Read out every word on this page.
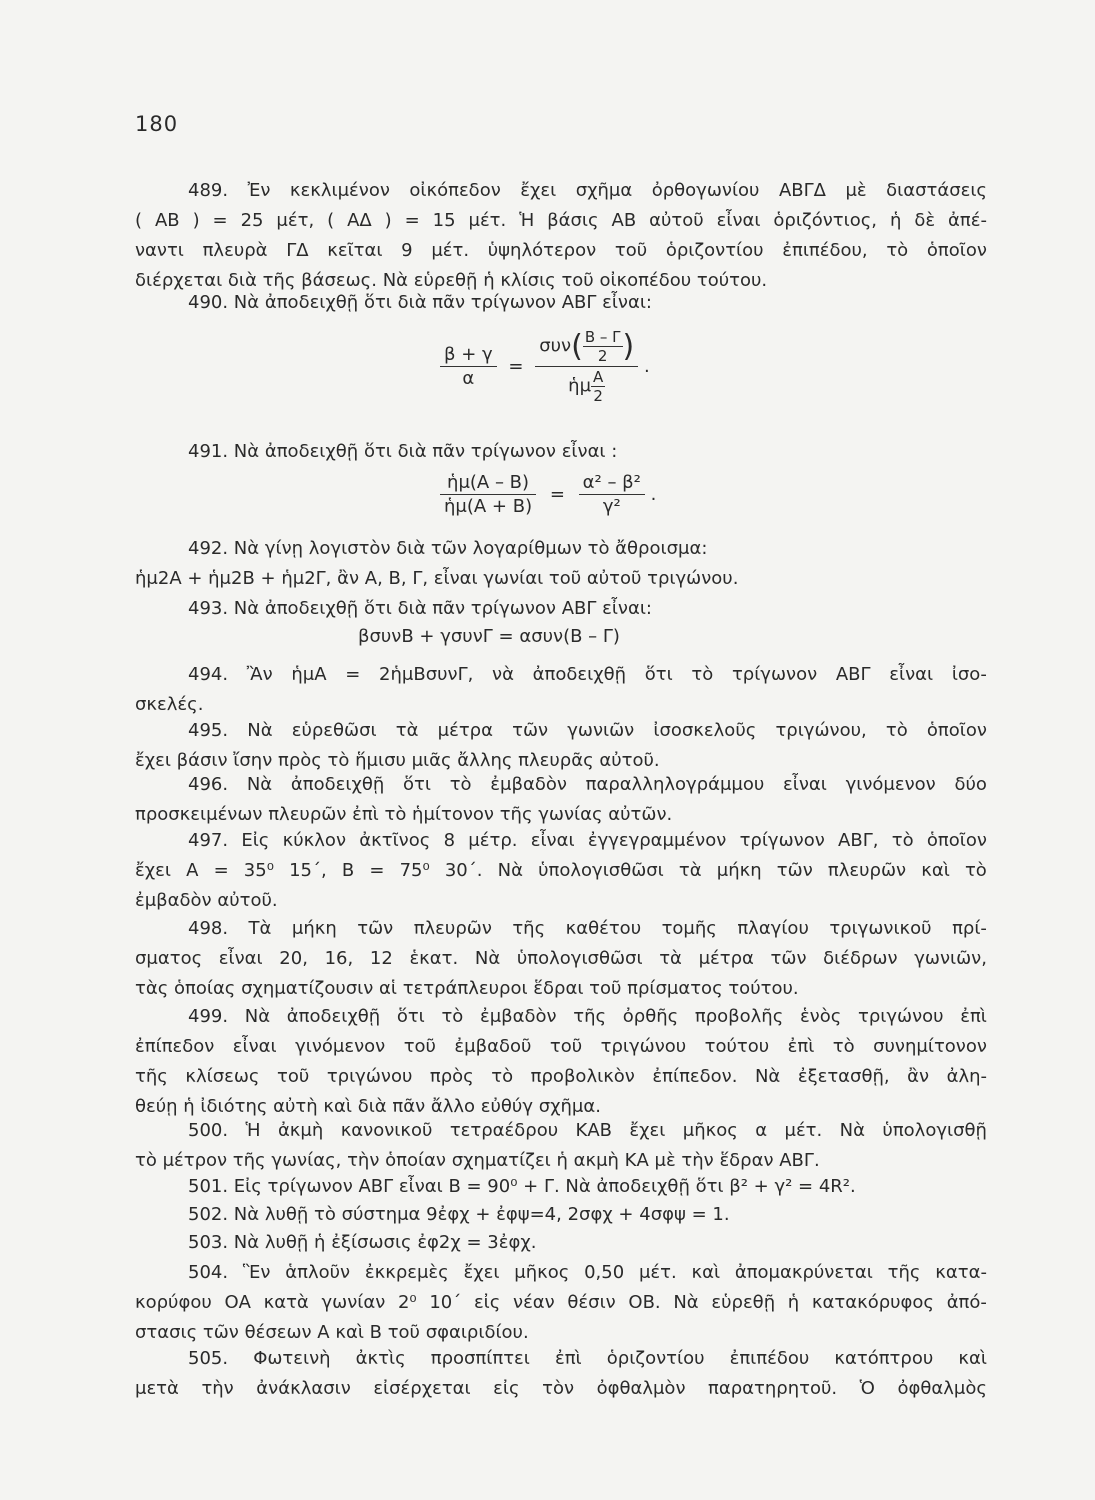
180
489. Ἐν κεκλιμένον οἰκόπεδον ἔχει σχῆμα ὀρθογωνίου ΑΒΓΔ μὲ διαστάσεις
( ΑΒ ) = 25 μέτ, ( ΑΔ ) = 15 μέτ. Ἡ βάσις ΑΒ αὐτοῦ εἶναι ὁριζόντιος, ἡ δὲ ἀπέ-
ναντι πλευρὰ ΓΔ κεῖται 9 μέτ. ὑψηλότερον τοῦ ὁριζοντίου ἐπιπέδου, τὸ ὁποῖον
διέρχεται διὰ τῆς βάσεως. Νὰ εὑρεθῇ ἡ κλίσις τοῦ οἰκοπέδου τούτου.
490. Νὰ ἀποδειχθῇ ὅτι διὰ πᾶν τρίγωνον ΑΒΓ εἶναι:
$\frac{\beta + \gamma}{\alpha} = \frac{\sigma\upsilon\nu( \frac{B - \Gamma}{2} )}{ἡ\mu \frac{A}{2}}$ .
491. Νὰ ἀποδειχθῇ ὅτι διὰ πᾶν τρίγωνον εἶναι :
$\frac{\text{ἡμ(Α – Β)}}{\text{ἡμ(Α + Β)}} = \frac{\text{α² – β²}}{\text{γ²}}$ .
492. Νὰ γίνῃ λογιστὸν διὰ τῶν λογαρίθμων τὸ ἄθροισμα:
ἡμ2Α + ἡμ2Β + ἡμ2Γ, ἂν Α, Β, Γ, εἶναι γωνίαι τοῦ αὐτοῦ τριγώνου.
493. Νὰ ἀποδειχθῇ ὅτι διὰ πᾶν τρίγωνον ΑΒΓ εἶναι:
βσυνΒ + γσυνΓ = ασυν(Β – Γ)
494. Ἂν ἡμΑ = 2ἡμΒσυνΓ, νὰ ἀποδειχθῇ ὅτι τὸ τρίγωνον ΑΒΓ εἶναι ἰσο-
σκελές.
495. Νὰ εὑρεθῶσι τὰ μέτρα τῶν γωνιῶν ἰσοσκελοῦς τριγώνου, τὸ ὁποῖον
ἔχει βάσιν ἴσην πρὸς τὸ ἥμισυ μιᾶς ἄλλης πλευρᾶς αὐτοῦ.
496. Νὰ ἀποδειχθῇ ὅτι τὸ ἐμβαδὸν παραλληλογράμμου εἶναι γινόμενον δύο
προσκειμένων πλευρῶν ἐπὶ τὸ ἡμίτονον τῆς γωνίας αὐτῶν.
497. Εἰς κύκλον ἀκτῖνος 8 μέτρ. εἶναι ἐγγεγραμμένον τρίγωνον ΑΒΓ, τὸ ὁποῖον
ἔχει Α = 35⁰ 15΄, Β = 75⁰ 30΄. Νὰ ὑπολογισθῶσι τὰ μήκη τῶν πλευρῶν καὶ τὸ
ἐμβαδὸν αὐτοῦ.
498. Τὰ μήκη τῶν πλευρῶν τῆς καθέτου τομῆς πλαγίου τριγωνικοῦ πρί-
σματος εἶναι 20, 16, 12 ἑκατ. Νὰ ὑπολογισθῶσι τὰ μέτρα τῶν διέδρων γωνιῶν,
τὰς ὁποίας σχηματίζουσιν αἱ τετράπλευροι ἕδραι τοῦ πρίσματος τούτου.
499. Νὰ ἀποδειχθῇ ὅτι τὸ ἐμβαδὸν τῆς ὀρθῆς προβολῆς ἑνὸς τριγώνου ἐπὶ
ἐπίπεδον εἶναι γινόμενον τοῦ ἐμβαδοῦ τοῦ τριγώνου τούτου ἐπὶ τὸ συνημίτονον
τῆς κλίσεως τοῦ τριγώνου πρὸς τὸ προβολικὸν ἐπίπεδον. Νὰ ἐξετασθῇ, ἂν ἀλη-
θεύῃ ἡ ἰδιότης αὐτὴ καὶ διὰ πᾶν ἄλλο εὐθύγ σχῆμα.
500. Ἡ ἀκμὴ κανονικοῦ τετραέδρου ΚΑΒ ἔχει μῆκος α μέτ. Νὰ ὑπολογισθῇ
τὸ μέτρον τῆς γωνίας, τὴν ὁποίαν σχηματίζει ἡ ακμὴ ΚΑ μὲ τὴν ἕδραν ΑΒΓ.
501. Εἰς τρίγωνον ΑΒΓ εἶναι Β = 90⁰ + Γ. Νὰ ἀποδειχθῇ ὅτι β² + γ² = 4R².
502. Νὰ λυθῇ τὸ σύστημα 9ἐφχ + ἐφψ=4, 2σφχ + 4σφψ = 1.
503. Νὰ λυθῇ ἡ ἐξίσωσις ἐφ2χ = 3ἐφχ.
504. Ἓν ἁπλοῦν ἐκκρεμὲς ἔχει μῆκος 0,50 μέτ. καὶ ἀπομακρύνεται τῆς κατα-
κορύφου ΟΑ κατὰ γωνίαν 2⁰ 10΄ εἰς νέαν θέσιν ΟΒ. Νὰ εὑρεθῇ ἡ κατακόρυφος ἀπό-
στασις τῶν θέσεων Α καὶ Β τοῦ σφαιριδίου.
505. Φωτεινὴ ἀκτὶς προσπίπτει ἐπὶ ὁριζοντίου ἐπιπέδου κατόπτρου καὶ
μετὰ τὴν ἀνάκλασιν εἰσέρχεται εἰς τὸν ὀφθαλμὸν παρατηρητοῦ. Ὁ ὀφθαλμὸς
